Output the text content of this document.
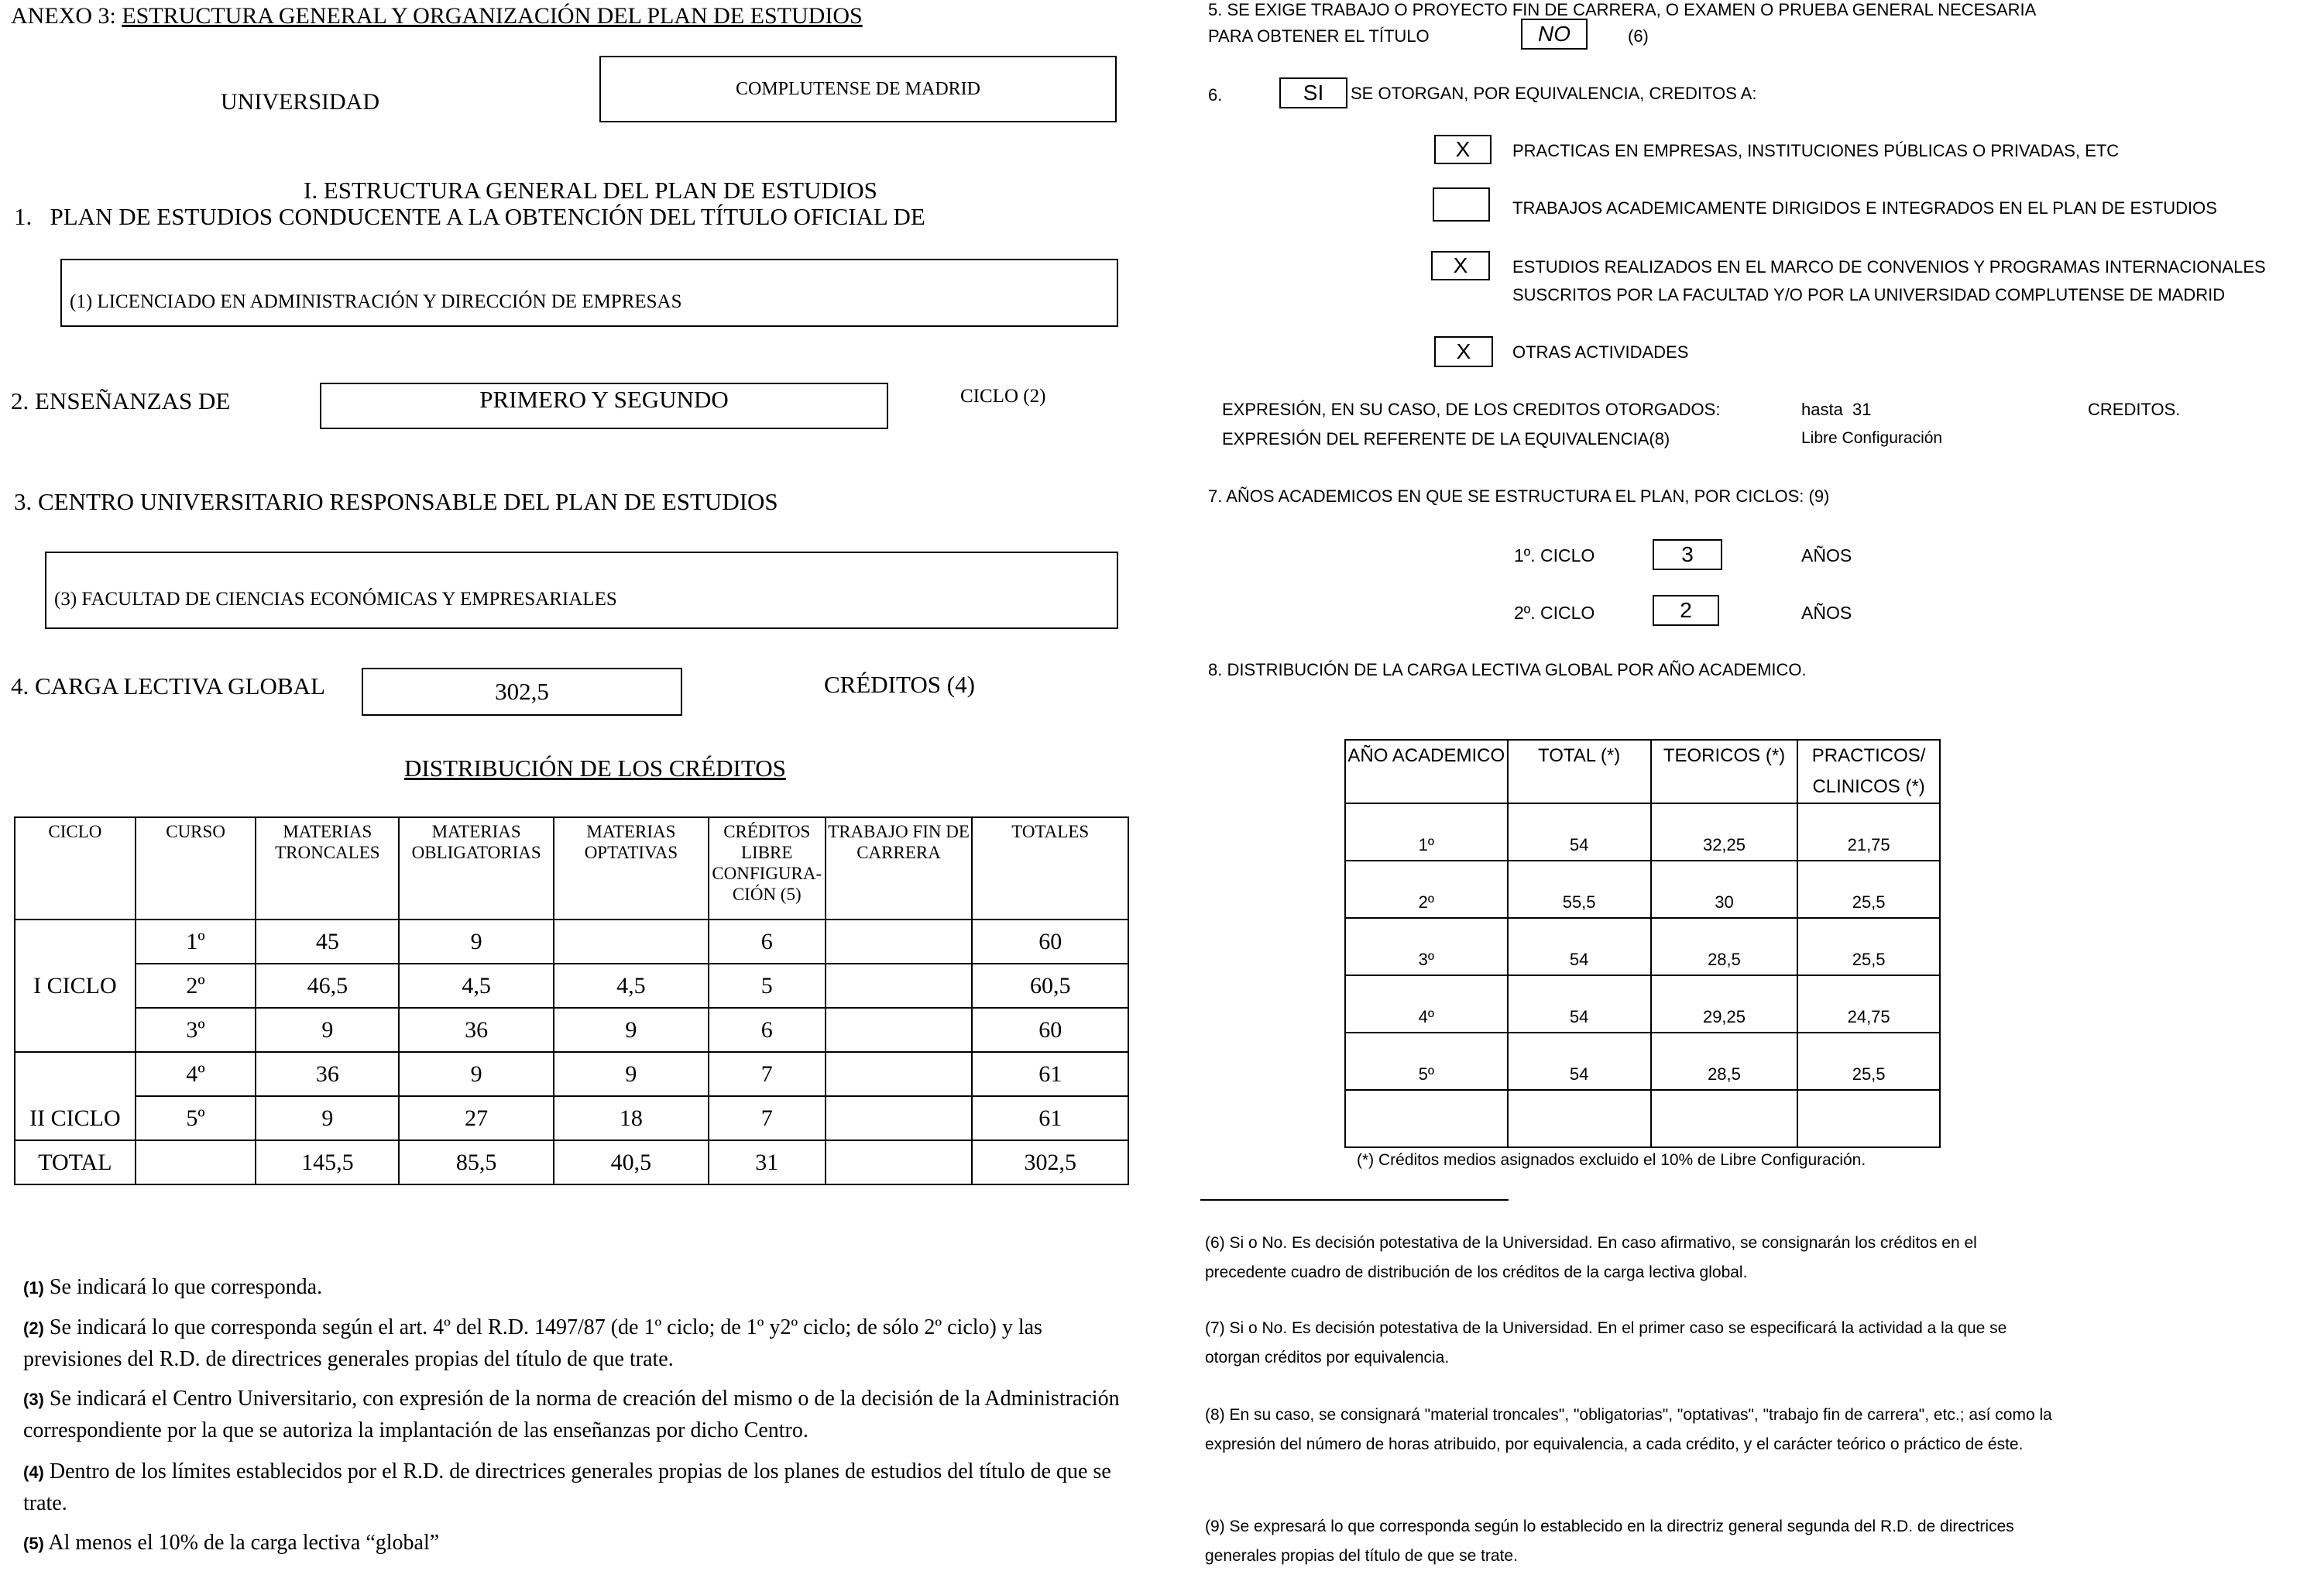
ANEXO 3: ESTRUCTURA GENERAL Y ORGANIZACIÓN DEL PLAN DE ESTUDIOS
UNIVERSIDAD
COMPLUTENSE DE MADRID
I. ESTRUCTURA GENERAL DEL PLAN DE ESTUDIOS
1.   PLAN DE ESTUDIOS CONDUCENTE A LA OBTENCIÓN DEL TÍTULO OFICIAL DE
(1) LICENCIADO EN ADMINISTRACIÓN Y DIRECCIÓN DE EMPRESAS
2. ENSEÑANZAS DE	PRIMERO Y SEGUNDO	CICLO (2)
3. CENTRO UNIVERSITARIO RESPONSABLE DEL PLAN DE ESTUDIOS
(3) FACULTAD DE CIENCIAS ECONÓMICAS Y EMPRESARIALES
4. CARGA LECTIVA GLOBAL	302,5	CRÉDITOS (4)
DISTRIBUCIÓN DE LOS CRÉDITOS
CICLO	CURSO	MATERIAS TRONCALES	MATERIAS OBLIGATORIAS	MATERIAS OPTATIVAS	CRÉDITOS LIBRE CONFIGURA-CIÓN (5)	TRABAJO FIN DE CARRERA	TOTALES
I CICLO	1º	45	9		6		60
	2º	46,5	4,5	4,5	5		60,5
	3º	9	36	9	6		60
II CICLO	4º	36	9	9	7		61
	5º	9	27	18	7		61
TOTAL		145,5	85,5	40,5	31		302,5
(1) Se indicará lo que corresponda.
(2) Se indicará lo que corresponda según el art. 4º del R.D. 1497/87 (de 1º ciclo; de 1º y2º ciclo; de sólo 2º ciclo) y las previsiones del R.D. de directrices generales propias del título de que trate.
(3) Se indicará el Centro Universitario, con expresión de la norma de creación del mismo o de la decisión de la Administración correspondiente por la que se autoriza la implantación de las enseñanzas por dicho Centro.
(4) Dentro de los límites establecidos por el R.D. de directrices generales propias de los planes de estudios del título de que se trate.
(5) Al menos el 10% de la carga lectiva “global”
5. SE EXIGE TRABAJO O PROYECTO FIN DE CARRERA, O EXAMEN O PRUEBA GENERAL NECESARIA
PARA OBTENER EL TÍTULO	NO	(6)
6.	SI SE OTORGAN, POR EQUIVALENCIA, CREDITOS A:
X PRACTICAS EN EMPRESAS, INSTITUCIONES PÚBLICAS O PRIVADAS, ETC
TRABAJOS ACADEMICAMENTE DIRIGIDOS E INTEGRADOS EN EL PLAN DE ESTUDIOS
X	ESTUDIOS REALIZADOS EN EL MARCO DE CONVENIOS Y PROGRAMAS INTERNACIONALES
SUSCRITOS POR LA FACULTAD Y/O POR LA UNIVERSIDAD COMPLUTENSE DE MADRID
X OTRAS ACTIVIDADES
EXPRESIÓN, EN SU CASO, DE LOS CREDITOS OTORGADOS:	hasta  31	CREDITOS.
EXPRESIÓN DEL REFERENTE DE LA EQUIVALENCIA(8)	Libre Configuración
7. AÑOS ACADEMICOS EN QUE SE ESTRUCTURA EL PLAN, POR CICLOS: (9)
1º. CICLO	3	AÑOS
2º. CICLO	2	AÑOS
8. DISTRIBUCIÓN DE LA CARGA LECTIVA GLOBAL POR AÑO ACADEMICO.
AÑO ACADEMICO	TOTAL (*)	TEORICOS (*)	PRACTICOS/
CLINICOS (*)

1º	54	32,25	21,75
2º	55,5	30	25,5
3º	54	28,5	25,5
4º	54	29,25	24,75
5º	54	28,5	25,5

(*) Créditos medios asignados excluido el 10% de Libre Configuración.
(6) Si o No. Es decisión potestativa de la Universidad. En caso afirmativo, se consignarán los créditos en el precedente cuadro de distribución de los créditos de la carga lectiva global.
(7) Si o No. Es decisión potestativa de la Universidad. En el primer caso se especificará la actividad a la que se otorgan créditos por equivalencia.
(8) En su caso, se consignará "material troncales", "obligatorias", "optativas", "trabajo fin de carrera", etc.; así como la expresión del número de horas atribuido, por equivalencia, a cada crédito, y el carácter teórico o práctico de éste.
(9) Se expresará lo que corresponda según lo establecido en la directriz general segunda del R.D. de directrices generales propias del título de que se trate.
